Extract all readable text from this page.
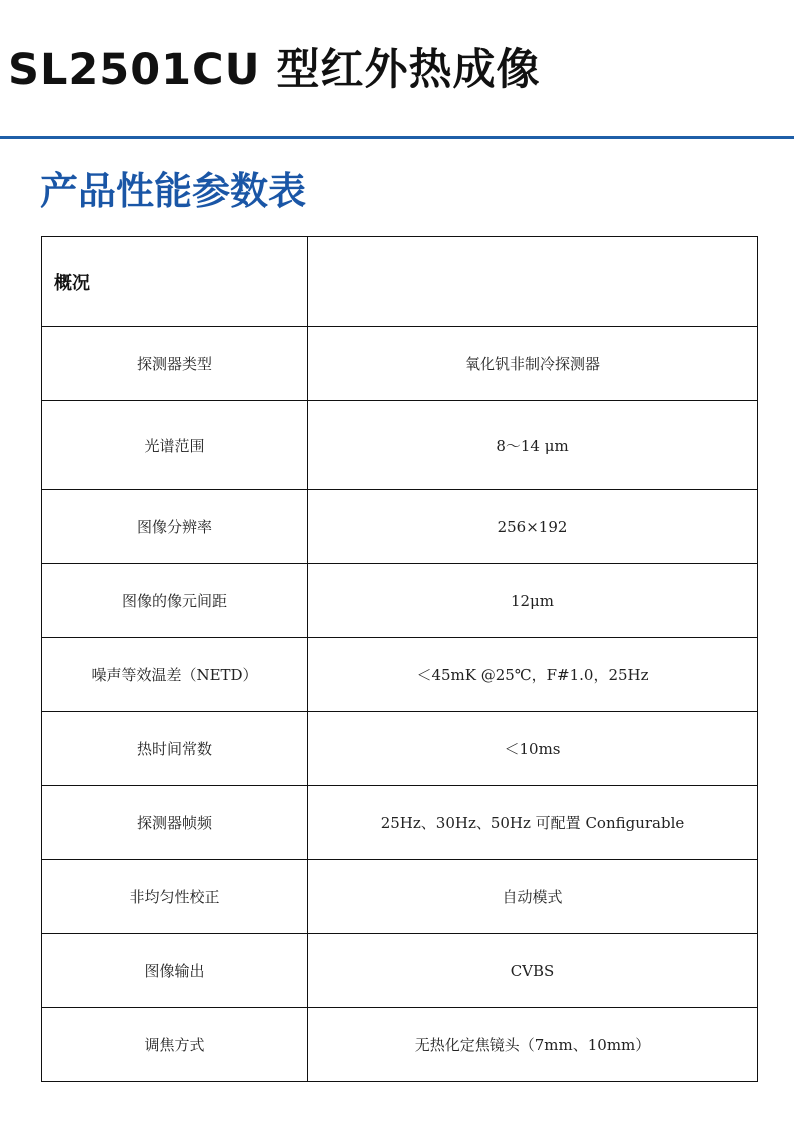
SL2501CU 型红外热成像
产品性能参数表
概况	
探测器类型	氧化钒非制冷探测器
光谱范围	8～14 μm
图像分辨率	256×192
图像的像元间距	12μm
噪声等效温差（NETD）	＜45mK @25℃，F#1.0，25Hz
热时间常数	＜10ms
探测器帧频	25Hz、30Hz、50Hz 可配置 Configurable
非均匀性校正	自动模式
图像输出	CVBS
调焦方式	无热化定焦镜头（7mm、10mm）
